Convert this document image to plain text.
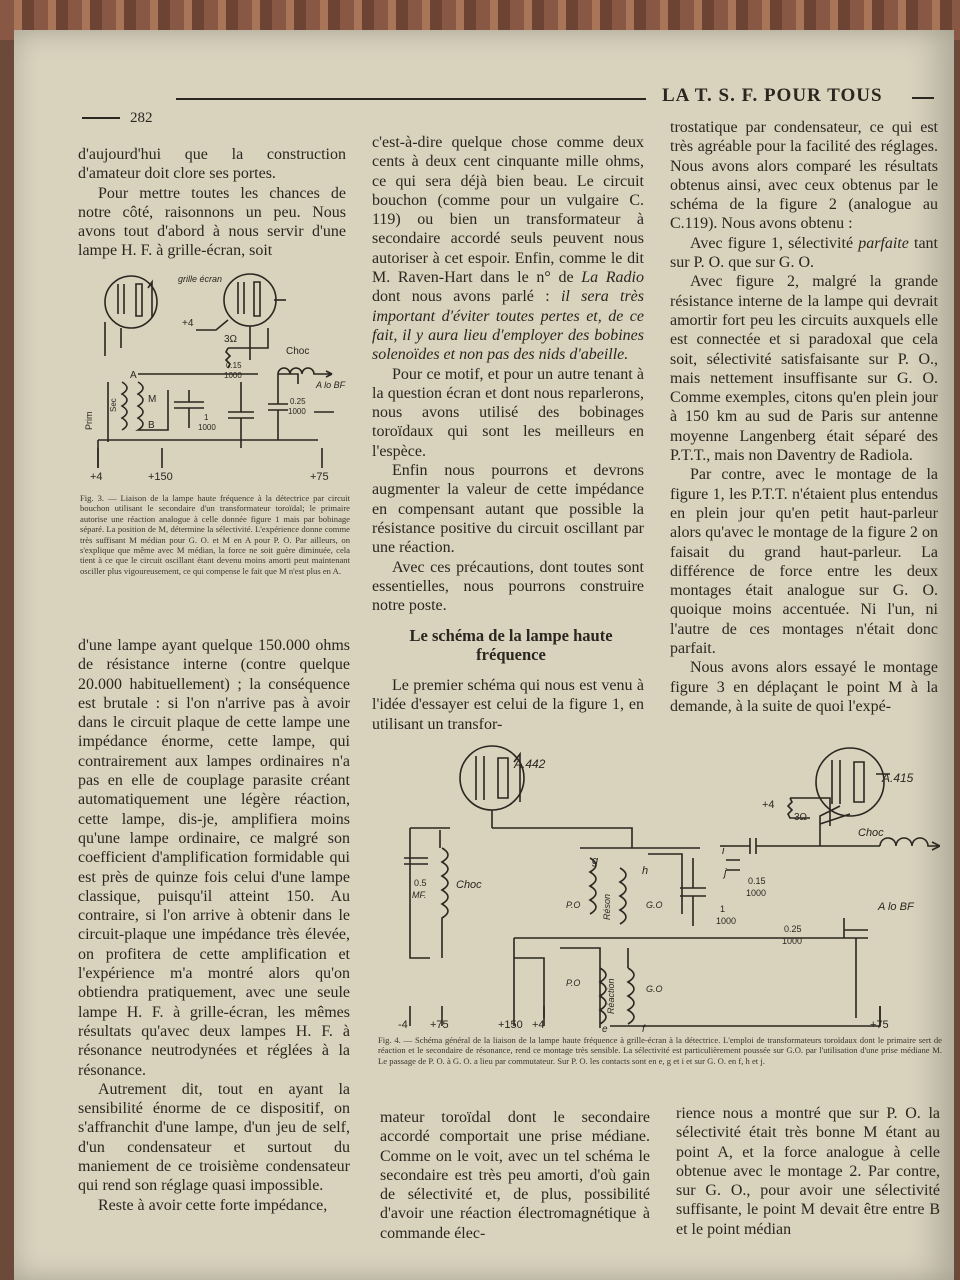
282
LA T. S. F. POUR TOUS

d'aujourd'hui que la construction d'amateur doit clore ses portes.

Pour mettre toutes les chances de notre côté, raisonnons un peu. Nous avons tout d'abord à nous servir d'une lampe H. F. à grille-écran, soit

grille écran
+4
3Ω
Choc
A
M
B
Sec
Prim
0.15
1000
1
1000
0.25
1000
A lo BF
+4	+150	+75
Fig. 3. — Liaison de la lampe haute fréquence à la détectrice par circuit bouchon utilisant le secondaire d'un transformateur toroïdal; le primaire autorise une réaction analogue à celle donnée figure 1 mais par bobinage séparé. La position de M, détermine la sélectivité. L'expérience donne comme très suffisant M médian pour G. O. et M en A pour P. O. Par ailleurs, on s'explique que même avec M médian, la force ne soit guère diminuée, cela tient à ce que le circuit oscillant étant devenu moins amorti peut maintenant osciller plus vigoureusement, ce qui compense le fait que M n'est plus en A.

d'une lampe ayant quelque 150.000 ohms de résistance interne (contre quelque 20.000 habituellement) ; la conséquence est brutale : si l'on n'arrive pas à avoir dans le circuit plaque de cette lampe une impédance énorme, cette lampe, qui contrairement aux lampes ordinaires n'a pas en elle de couplage parasite créant automatiquement une légère réaction, cette lampe, dis-je, amplifiera moins qu'une lampe ordinaire, ce malgré son coefficient d'amplification formidable qui est près de quinze fois celui d'une lampe classique, puisqu'il atteint 150. Au contraire, si l'on arrive à obtenir dans le circuit-plaque une impédance très élevée, on profitera de cette amplification et l'expérience m'a montré alors qu'on obtiendra pratiquement, avec une seule lampe H. F. à grille-écran, les mêmes résultats qu'avec deux lampes H. F. à résonance neutrodynées et réglées à la résonance.

Autrement dit, tout en ayant la sensibilité énorme de ce dispositif, on s'affranchit d'une lampe, d'un jeu de self, d'un condensateur et surtout du maniement de ce troisième condensateur qui rend son réglage quasi impossible.

Reste à avoir cette forte impédance,

c'est-à-dire quelque chose comme deux cents à deux cent cinquante mille ohms, ce qui sera déjà bien beau. Le circuit bouchon (comme pour un vulgaire C. 119) ou bien un transformateur à secondaire accordé seuls peuvent nous autoriser à cet espoir. Enfin, comme le dit M. Raven-Hart dans le n° de La Radio dont nous avons parlé : il sera très important d'éviter toutes pertes et, de ce fait, il y aura lieu d'employer des bobines solenoïdes et non pas des nids d'abeille.

Pour ce motif, et pour un autre tenant à la question écran et dont nous reparlerons, nous avons utilisé des bobinages toroïdaux qui sont les meilleurs en l'espèce.

Enfin nous pourrons et devrons augmenter la valeur de cette impédance en compensant autant que possible la résistance positive du circuit oscillant par une réaction.

Avec ces précautions, dont toutes sont essentielles, nous pourrons construire notre poste.

Le schéma de la lampe haute fréquence

Le premier schéma qui nous est venu à l'idée d'essayer est celui de la figure 1, en utilisant un transfor-

trostatique par condensateur, ce qui est très agréable pour la facilité des réglages. Nous avons alors comparé les résultats obtenus ainsi, avec ceux obtenus par le schéma de la figure 2 (analogue au C.119). Nous avons obtenu :

Avec figure 1, sélectivité parfaite tant sur P. O. que sur G. O.

Avec figure 2, malgré la grande résistance interne de la lampe qui devrait amortir fort peu les circuits auxquels elle est connectée et si paradoxal que cela soit, sélectivité satisfaisante sur P. O., mais nettement insuffisante sur G. O. Comme exemples, citons qu'en plein jour à 150 km au sud de Paris sur antenne moyenne Langenberg était séparé des P.T.T., mais non Daventry de Radiola.

Par contre, avec le montage de la figure 1, les P.T.T. n'étaient plus entendus en plein jour qu'en petit haut-parleur alors qu'avec le montage de la figure 2 on faisait du grand haut-parleur. La différence de force entre les deux montages était analogue sur G. O. quoique moins accentuée. Ni l'un, ni l'autre de ces montages n'était donc parfait.

Nous avons alors essayé le montage figure 3 en déplaçant le point M à la demande, à la suite de quoi l'expé-

A.442
A.415
+4
3Ω
Choc
i
j
g
h
0.15
1000
0.5
MF.
Choc
P.O Réson	G.O	1
1000
A lo BF
0.25
1000
P.O	Réaction	G.O
e	f
-4 +75	+150 +4	+75
Fig. 4. — Schéma général de la liaison de la lampe haute fréquence à grille-écran à la détectrice. L'emploi de transformateurs toroïdaux dont le primaire sert de réaction et le secondaire de résonance, rend ce montage très sensible. La sélectivité est particulièrement poussée sur G.O. par l'utilisation d'une prise médiane M. Le passage de P. O. à G. O. a lieu par commutateur. Sur P. O. les contacts sont en e, g et i et sur G. O. en f, h et j.

mateur toroïdal dont le secondaire accordé comportait une prise médiane. Comme on le voit, avec un tel schéma le secondaire est très peu amorti, d'où gain de sélectivité et, de plus, possibilité d'avoir une réaction électromagnétique à commande élec-

rience nous a montré que sur P. O. la sélectivité était très bonne M étant au point A, et la force analogue à celle obtenue avec le montage 2. Par contre, sur G. O., pour avoir une sélectivité suffisante, le point M devait être entre B et le point médian
